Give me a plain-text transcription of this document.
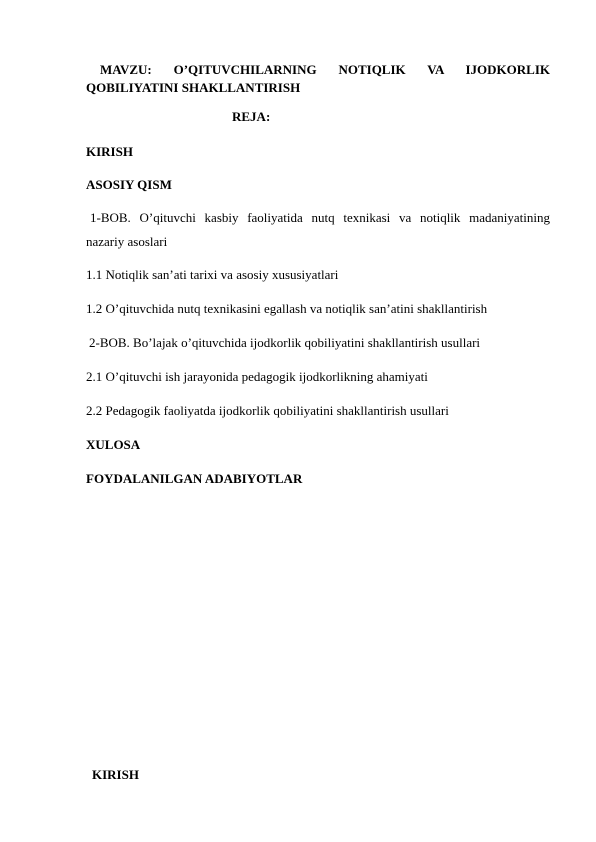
MAVZU: O’QITUVCHILARNING NOTIQLIK VA IJODKORLIK
QOBILIYATINI SHAKLLANTIRISH
REJA:
KIRISH
ASOSIY QISM
1-BOB. O’qituvchi kasbiy faoliyatida nutq texnikasi va notiqlik madaniyatining
nazariy asoslari
1.1 Notiqlik san’ati tarixi va asosiy xususiyatlari
1.2 O’qituvchida nutq texnikasini egallash va notiqlik san’atini shakllantirish
2-BOB. Bo’lajak o’qituvchida ijodkorlik qobiliyatini shakllantirish usullari
2.1 O’qituvchi ish jarayonida pedagogik ijodkorlikning ahamiyati
2.2 Pedagogik faoliyatda ijodkorlik qobiliyatini shakllantirish usullari
XULOSA
FOYDALANILGAN ADABIYOTLAR
KIRISH
